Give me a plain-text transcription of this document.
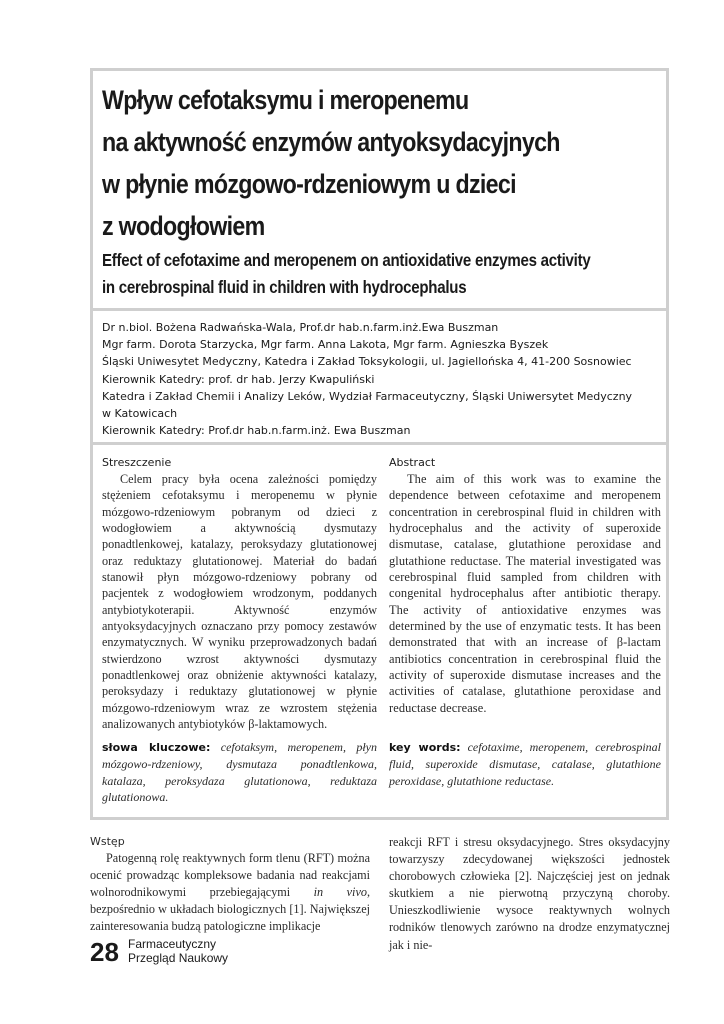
Wpływ cefotaksymu i meropenemu
na aktywność enzymów antyoksydacyjnych
w płynie mózgowo-rdzeniowym u dzieci
z wodogłowiem
Effect of cefotaxime and meropenem on antioxidative enzymes activity
in cerebrospinal fluid in children with hydrocephalus
Dr n.biol. Bożena Radwańska-Wala, Prof.dr hab.n.farm.inż.Ewa Buszman
Mgr farm. Dorota Starzycka, Mgr farm. Anna Lakota, Mgr farm. Agnieszka Byszek
Śląski Uniwesytet Medyczny, Katedra i Zakład Toksykologii, ul. Jagiellońska 4, 41-200 Sosnowiec
Kierownik Katedry: prof. dr hab. Jerzy Kwapuliński
Katedra i Zakład Chemii i Analizy Leków, Wydział Farmaceutyczny, Śląski Uniwersytet Medyczny
w Katowicach
Kierownik Katedry: Prof.dr hab.n.farm.inż. Ewa Buszman
Streszczenie

Celem pracy była ocena zależności pomiędzy stężeniem cefotaksymu i meropenemu w płynie mózgowo-rdzeniowym pobranym od dzieci z wodogłowiem a aktywnością dysmutazy ponadtlenkowej, katalazy, peroksydazy glutationowej oraz reduktazy glutationowej. Materiał do badań stanowił płyn mózgowo-rdzeniowy pobrany od pacjentek z wodogłowiem wrodzonym, poddanych antybiotykoterapii. Aktywność enzymów antyoksydacyjnych oznaczano przy pomocy zestawów enzymatycznych. W wyniku przeprowadzonych badań stwierdzono wzrost aktywności dysmutazy ponadtlenkowej oraz obniżenie aktywności katalazy, peroksydazy i reduktazy glutationowej w płynie mózgowo-rdzeniowym wraz ze wzrostem stężenia analizowanych antybiotyków β-laktamowych.

Abstract

The aim of this work was to examine the dependence between cefotaxime and meropenem concentration in cerebrospinal fluid in children with hydrocephalus and the activity of superoxide dismutase, catalase, glutathione peroxidase and glutathione reductase. The material investigated was cerebrospinal fluid sampled from children with congenital hydrocephalus after antibiotic therapy. The activity of antioxidative enzymes was determined by the use of enzymatic tests. It has been demonstrated that with an increase of β-lactam antibiotics concentration in cerebrospinal fluid the activity of superoxide dismutase increases and the activities of catalase, glutathione peroxidase and reductase decrease.

słowa kluczowe: cefotaksym, meropenem, płyn mózgowo-rdzeniowy, dysmutaza ponadtlenkowa, katalaza, peroksydaza glutationowa, reduktaza glutationowa.

key words: cefotaxime, meropenem, cerebrospinal fluid, superoxide dismutase, catalase, glutathione peroxidase, glutathione reductase.

Wstęp

Patogenną rolę reaktywnych form tlenu (RFT) można ocenić prowadząc kompleksowe badania nad reakcjami wolnorodnikowymi przebiegającymi in vivo, bezpośrednio w układach biologicznych [1]. Największej zainteresowania budzą patologiczne implikacje

reakcji RFT i stresu oksydacyjnego. Stres oksydacyjny towarzyszy zdecydowanej większości jednostek chorobowych człowieka [2]. Najczęściej jest on jednak skutkiem a nie pierwotną przyczyną choroby. Unieszkodliwienie wysoce reaktywnych wolnych rodników tlenowych zarówno na drodze enzymatycznej jak i nie-

28 Farmaceutyczny
Przegląd Naukowy
